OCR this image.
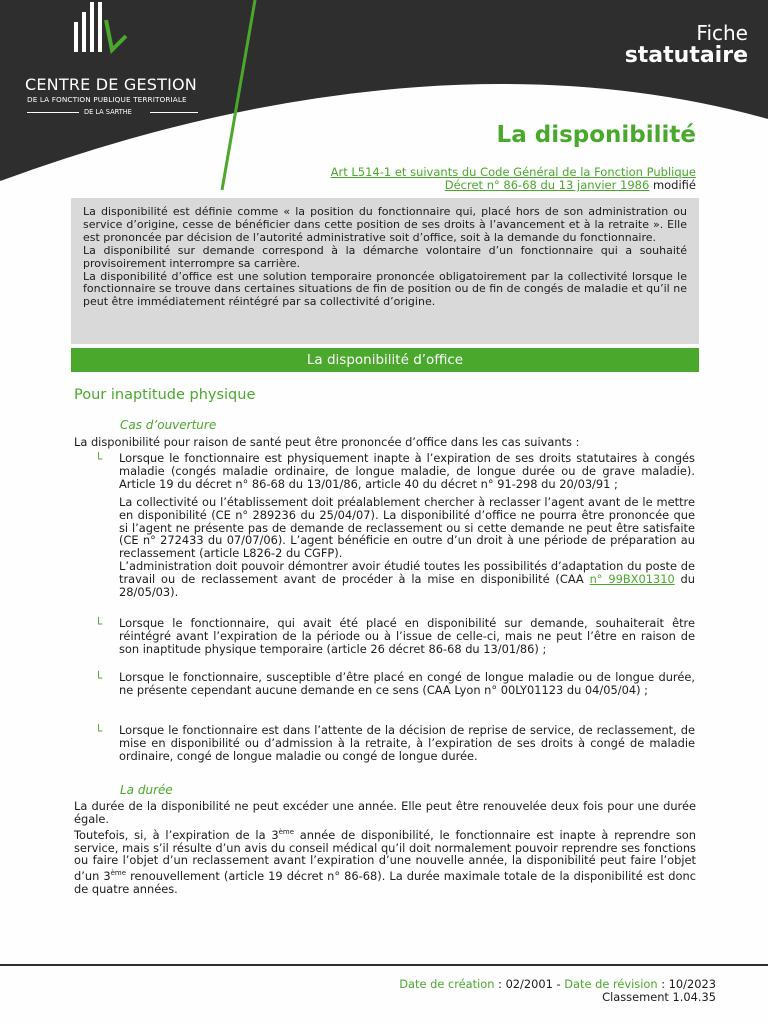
CENTRE DE GESTION
DE LA FONCTION PUBLIQUE TERRITORIALE
DE LA SARTHE
Fiche
statutaire
La disponibilité
Art L514-1 et suivants du Code Général de la Fonction Publique
Décret n° 86-68 du 13 janvier 1986 modifié

La disponibilité est définie comme « la position du fonctionnaire qui, placé hors de son administration ou service d’origine, cesse de bénéficier dans cette position de ses droits à l’avancement et à la retraite ». Elle est prononcée par décision de l’autorité administrative soit d’office, soit à la demande du fonctionnaire.

La disponibilité sur demande correspond à la démarche volontaire d’un fonctionnaire qui a souhaité provisoirement interrompre sa carrière.

La disponibilité d’office est une solution temporaire prononcée obligatoirement par la collectivité lorsque le fonctionnaire se trouve dans certaines situations de fin de position ou de fin de congés de maladie et qu’il ne peut être immédiatement réintégré par sa collectivité d’origine.

La disponibilité d’office
Pour inaptitude physique
Cas d’ouverture
La disponibilité pour raison de santé peut être prononcée d’office dans les cas suivants :
└ Lorsque le fonctionnaire est physiquement inapte à l’expiration de ses droits statutaires à congés maladie (congés maladie ordinaire, de longue maladie, de longue durée ou de grave maladie). Article 19 du décret n° 86-68 du 13/01/86, article 40 du décret n° 91-298 du 20/03/91 ;

La collectivité ou l’établissement doit préalablement chercher à reclasser l’agent avant de le mettre en disponibilité (CE n° 289236 du 25/04/07). La disponibilité d’office ne pourra être prononcée que si l’agent ne présente pas de demande de reclassement ou si cette demande ne peut être satisfaite (CE n° 272433 du 07/07/06). L’agent bénéficie en outre d’un droit à une période de préparation au reclassement (article L826-2 du CGFP).

L’administration doit pouvoir démontrer avoir étudié toutes les possibilités d’adaptation du poste de travail ou de reclassement avant de procéder à la mise en disponibilité (CAA n° 99BX01310 du 28/05/03).

└ Lorsque le fonctionnaire, qui avait été placé en disponibilité sur demande, souhaiterait être réintégré avant l’expiration de la période ou à l’issue de celle-ci, mais ne peut l’être en raison de son inaptitude physique temporaire (article 26 décret 86-68 du 13/01/86) ;
└ Lorsque le fonctionnaire, susceptible d’être placé en congé de longue maladie ou de longue durée, ne présente cependant aucune demande en ce sens (CAA Lyon n° 00LY01123 du 04/05/04) ;
└ Lorsque le fonctionnaire est dans l’attente de la décision de reprise de service, de reclassement, de mise en disponibilité ou d’admission à la retraite, à l’expiration de ses droits à congé de maladie ordinaire, congé de longue maladie ou congé de longue durée.
La durée

La durée de la disponibilité ne peut excéder une année. Elle peut être renouvelée deux fois pour une durée égale.

Toutefois, si, à l’expiration de la 3ème année de disponibilité, le fonctionnaire est inapte à reprendre son service, mais s’il résulte d’un avis du conseil médical qu’il doit normalement pouvoir reprendre ses fonctions ou faire l’objet d’un reclassement avant l’expiration d’une nouvelle année, la disponibilité peut faire l’objet d’un 3ème renouvellement (article 19 décret n° 86-68). La durée maximale totale de la disponibilité est donc de quatre années.

Date de création : 02/2001 - Date de révision : 10/2023
Classement 1.04.35
